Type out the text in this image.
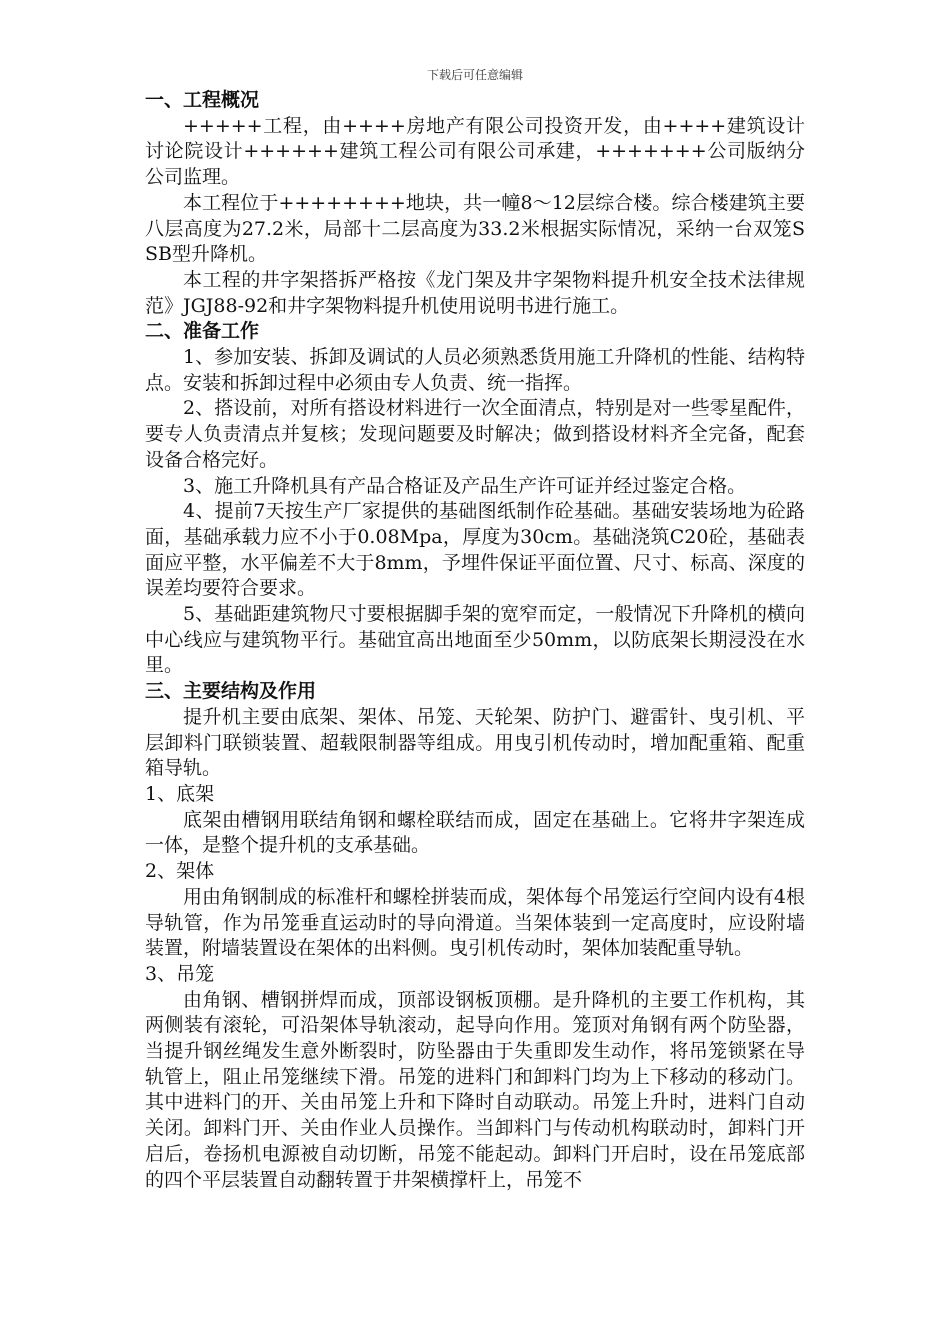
下载后可任意编辑

一、工程概况

+++++工程，由++++房地产有限公司投资开发，由++++建筑设计讨论院设计++++++建筑工程公司有限公司承建，+++++++公司版纳分公司监理。

本工程位于++++++++地块，共一幢8～12层综合楼。综合楼建筑主要八层高度为27.2米，局部十二层高度为33.2米根据实际情况，采纳一台双笼SSB型升降机。

本工程的井字架搭拆严格按《龙门架及井字架物料提升机安全技术法律规范》JGJ88-92和井字架物料提升机使用说明书进行施工。

二、准备工作

1、参加安装、拆卸及调试的人员必须熟悉货用施工升降机的性能、结构特点。安装和拆卸过程中必须由专人负责、统一指挥。

2、搭设前，对所有搭设材料进行一次全面清点，特别是对一些零星配件，要专人负责清点并复核；发现问题要及时解决；做到搭设材料齐全完备，配套设备合格完好。

3、施工升降机具有产品合格证及产品生产许可证并经过鉴定合格。

4、提前7天按生产厂家提供的基础图纸制作砼基础。基础安装场地为砼路面，基础承载力应不小于0.08Mpa，厚度为30cm。基础浇筑C20砼，基础表面应平整，水平偏差不大于8mm，予埋件保证平面位置、尺寸、标高、深度的误差均要符合要求。

5、基础距建筑物尺寸要根据脚手架的宽窄而定，一般情况下升降机的横向中心线应与建筑物平行。基础宜高出地面至少50mm，以防底架长期浸没在水里。

三、主要结构及作用

提升机主要由底架、架体、吊笼、天轮架、防护门、避雷针、曳引机、平层卸料门联锁装置、超载限制器等组成。用曳引机传动时，增加配重箱、配重箱导轨。

1、底架

底架由槽钢用联结角钢和螺栓联结而成，固定在基础上。它将井字架连成一体，是整个提升机的支承基础。

2、架体

用由角钢制成的标准杆和螺栓拼装而成，架体每个吊笼运行空间内设有4根导轨管，作为吊笼垂直运动时的导向滑道。当架体装到一定高度时，应设附墙装置，附墙装置设在架体的出料侧。曳引机传动时，架体加装配重导轨。

3、吊笼

由角钢、槽钢拼焊而成，顶部设钢板顶棚。是升降机的主要工作机构，其两侧装有滚轮，可沿架体导轨滚动，起导向作用。笼顶对角钢有两个防坠器，当提升钢丝绳发生意外断裂时，防坠器由于失重即发生动作，将吊笼锁紧在导轨管上，阻止吊笼继续下滑。吊笼的进料门和卸料门均为上下移动的移动门。其中进料门的开、关由吊笼上升和下降时自动联动。吊笼上升时，进料门自动关闭。卸料门开、关由作业人员操作。当卸料门与传动机构联动时，卸料门开启后，卷扬机电源被自动切断，吊笼不能起动。卸料门开启时，设在吊笼底部的四个平层装置自动翻转置于井架横撑杆上，吊笼不
